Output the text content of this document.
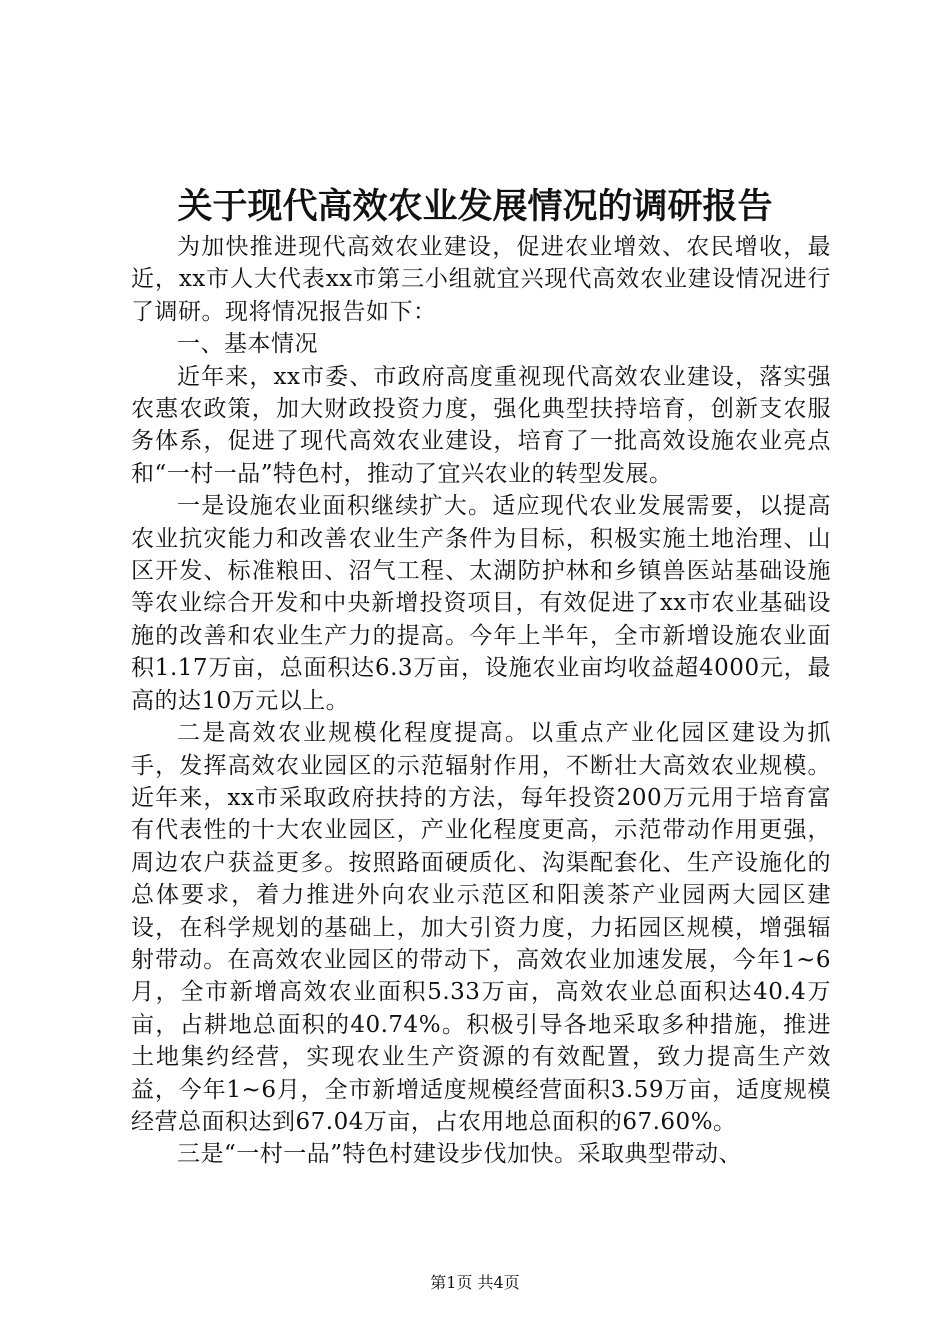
关于现代高效农业发展情况的调研报告

为加快推进现代高效农业建设，促进农业增效、农民增收，最近，xx市人大代表xx市第三小组就宜兴现代高效农业建设情况进行了调研。现将情况报告如下：

一、基本情况

近年来，xx市委、市政府高度重视现代高效农业建设，落实强农惠农政策，加大财政投资力度，强化典型扶持培育，创新支农服务体系，促进了现代高效农业建设，培育了一批高效设施农业亮点和“一村一品”特色村，推动了宜兴农业的转型发展。

一是设施农业面积继续扩大。适应现代农业发展需要，以提高农业抗灾能力和改善农业生产条件为目标，积极实施土地治理、山区开发、标准粮田、沼气工程、太湖防护林和乡镇兽医站基础设施等农业综合开发和中央新增投资项目，有效促进了xx市农业基础设施的改善和农业生产力的提高。今年上半年，全市新增设施农业面积1.17万亩，总面积达6.3万亩，设施农业亩均收益超4000元，最高的达10万元以上。

二是高效农业规模化程度提高。以重点产业化园区建设为抓手，发挥高效农业园区的示范辐射作用，不断壮大高效农业规模。近年来，xx市采取政府扶持的方法，每年投资200万元用于培育富有代表性的十大农业园区，产业化程度更高，示范带动作用更强，周边农户获益更多。按照路面硬质化、沟渠配套化、生产设施化的总体要求，着力推进外向农业示范区和阳羡茶产业园两大园区建设，在科学规划的基础上，加大引资力度，力拓园区规模，增强辐射带动。在高效农业园区的带动下，高效农业加速发展，今年1~6月，全市新增高效农业面积5.33万亩，高效农业总面积达40.4万亩，占耕地总面积的40.74%。积极引导各地采取多种措施，推进土地集约经营，实现农业生产资源的有效配置，致力提高生产效益，今年1~6月，全市新增适度规模经营面积3.59万亩，适度规模经营总面积达到67.04万亩，占农用地总面积的67.60%。

三是“一村一品”特色村建设步伐加快。采取典型带动、

第1页 共4页
